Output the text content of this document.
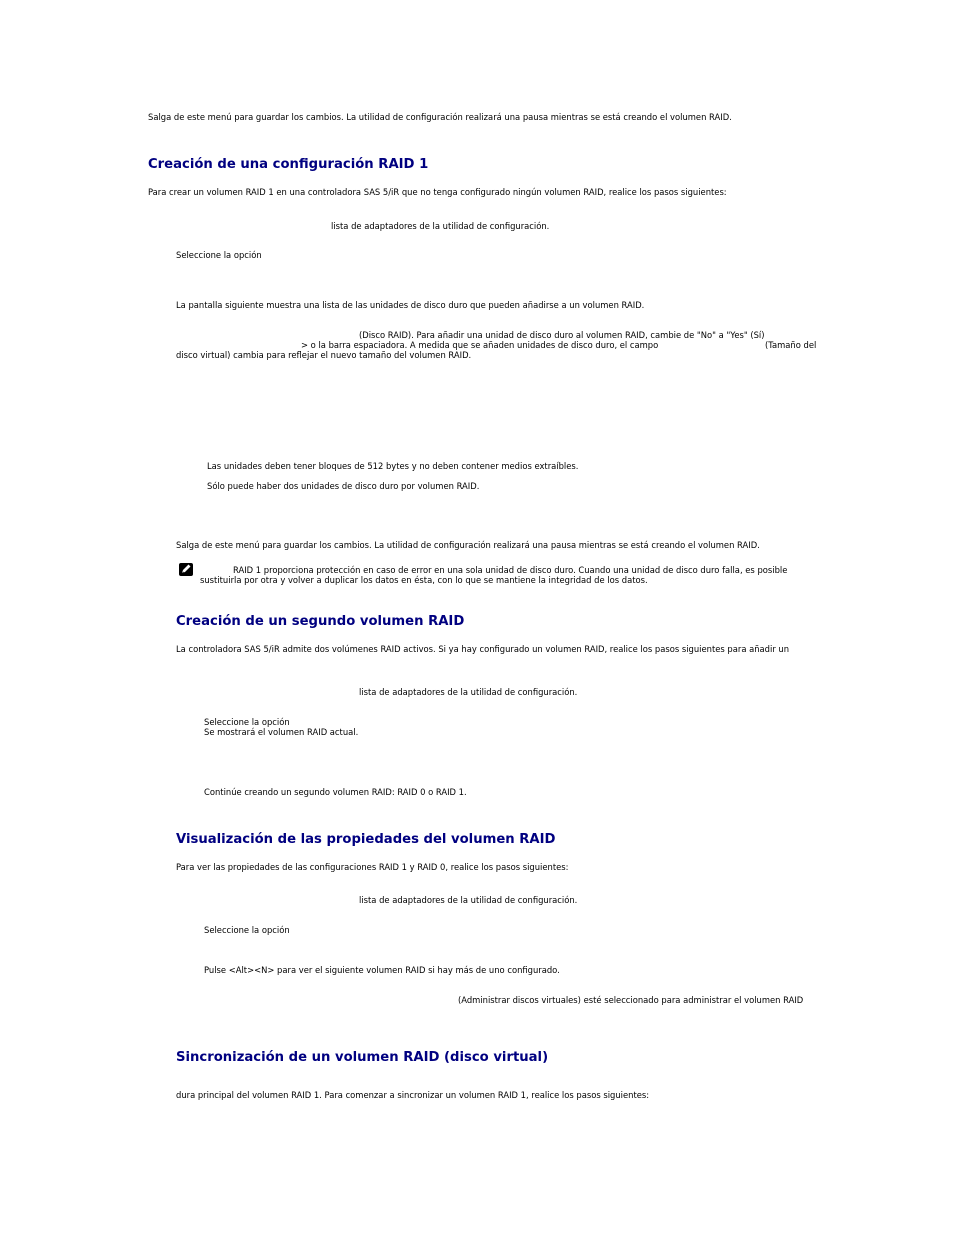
Salga de este menú para guardar los cambios. La utilidad de configuración realizará una pausa mientras se está creando el volumen RAID.

Creación de una configuración RAID 1

Para crear un volumen RAID 1 en una controladora SAS 5/iR que no tenga configurado ningún volumen RAID, realice los pasos siguientes:

lista de adaptadores de la utilidad de configuración.

Seleccione la opción

La pantalla siguiente muestra una lista de las unidades de disco duro que pueden añadirse a un volumen RAID.

(Disco RAID). Para añadir una unidad de disco duro al volumen RAID, cambie de "No" a "Yes" (Sí)

> o la barra espaciadora. A medida que se añaden unidades de disco duro, el campo	(Tamaño del

disco virtual) cambia para reflejar el nuevo tamaño del volumen RAID.

Las unidades deben tener bloques de 512 bytes y no deben contener medios extraíbles.

Sólo puede haber dos unidades de disco duro por volumen RAID.

Salga de este menú para guardar los cambios. La utilidad de configuración realizará una pausa mientras se está creando el volumen RAID.

RAID 1 proporciona protección en caso de error en una sola unidad de disco duro. Cuando una unidad de disco duro falla, es posible

sustituirla por otra y volver a duplicar los datos en ésta, con lo que se mantiene la integridad de los datos.

Creación de un segundo volumen RAID

La controladora SAS 5/iR admite dos volúmenes RAID activos. Si ya hay configurado un volumen RAID, realice los pasos siguientes para añadir un

lista de adaptadores de la utilidad de configuración.

Seleccione la opción

Se mostrará el volumen RAID actual.

Continúe creando un segundo volumen RAID: RAID 0 o RAID 1.

Visualización de las propiedades del volumen RAID

Para ver las propiedades de las configuraciones RAID 1 y RAID 0, realice los pasos siguientes:

lista de adaptadores de la utilidad de configuración.

Seleccione la opción

Pulse <Alt><N> para ver el siguiente volumen RAID si hay más de uno configurado.

(Administrar discos virtuales) esté seleccionado para administrar el volumen RAID

Sincronización de un volumen RAID (disco virtual)

dura principal del volumen RAID 1. Para comenzar a sincronizar un volumen RAID 1, realice los pasos siguientes:
